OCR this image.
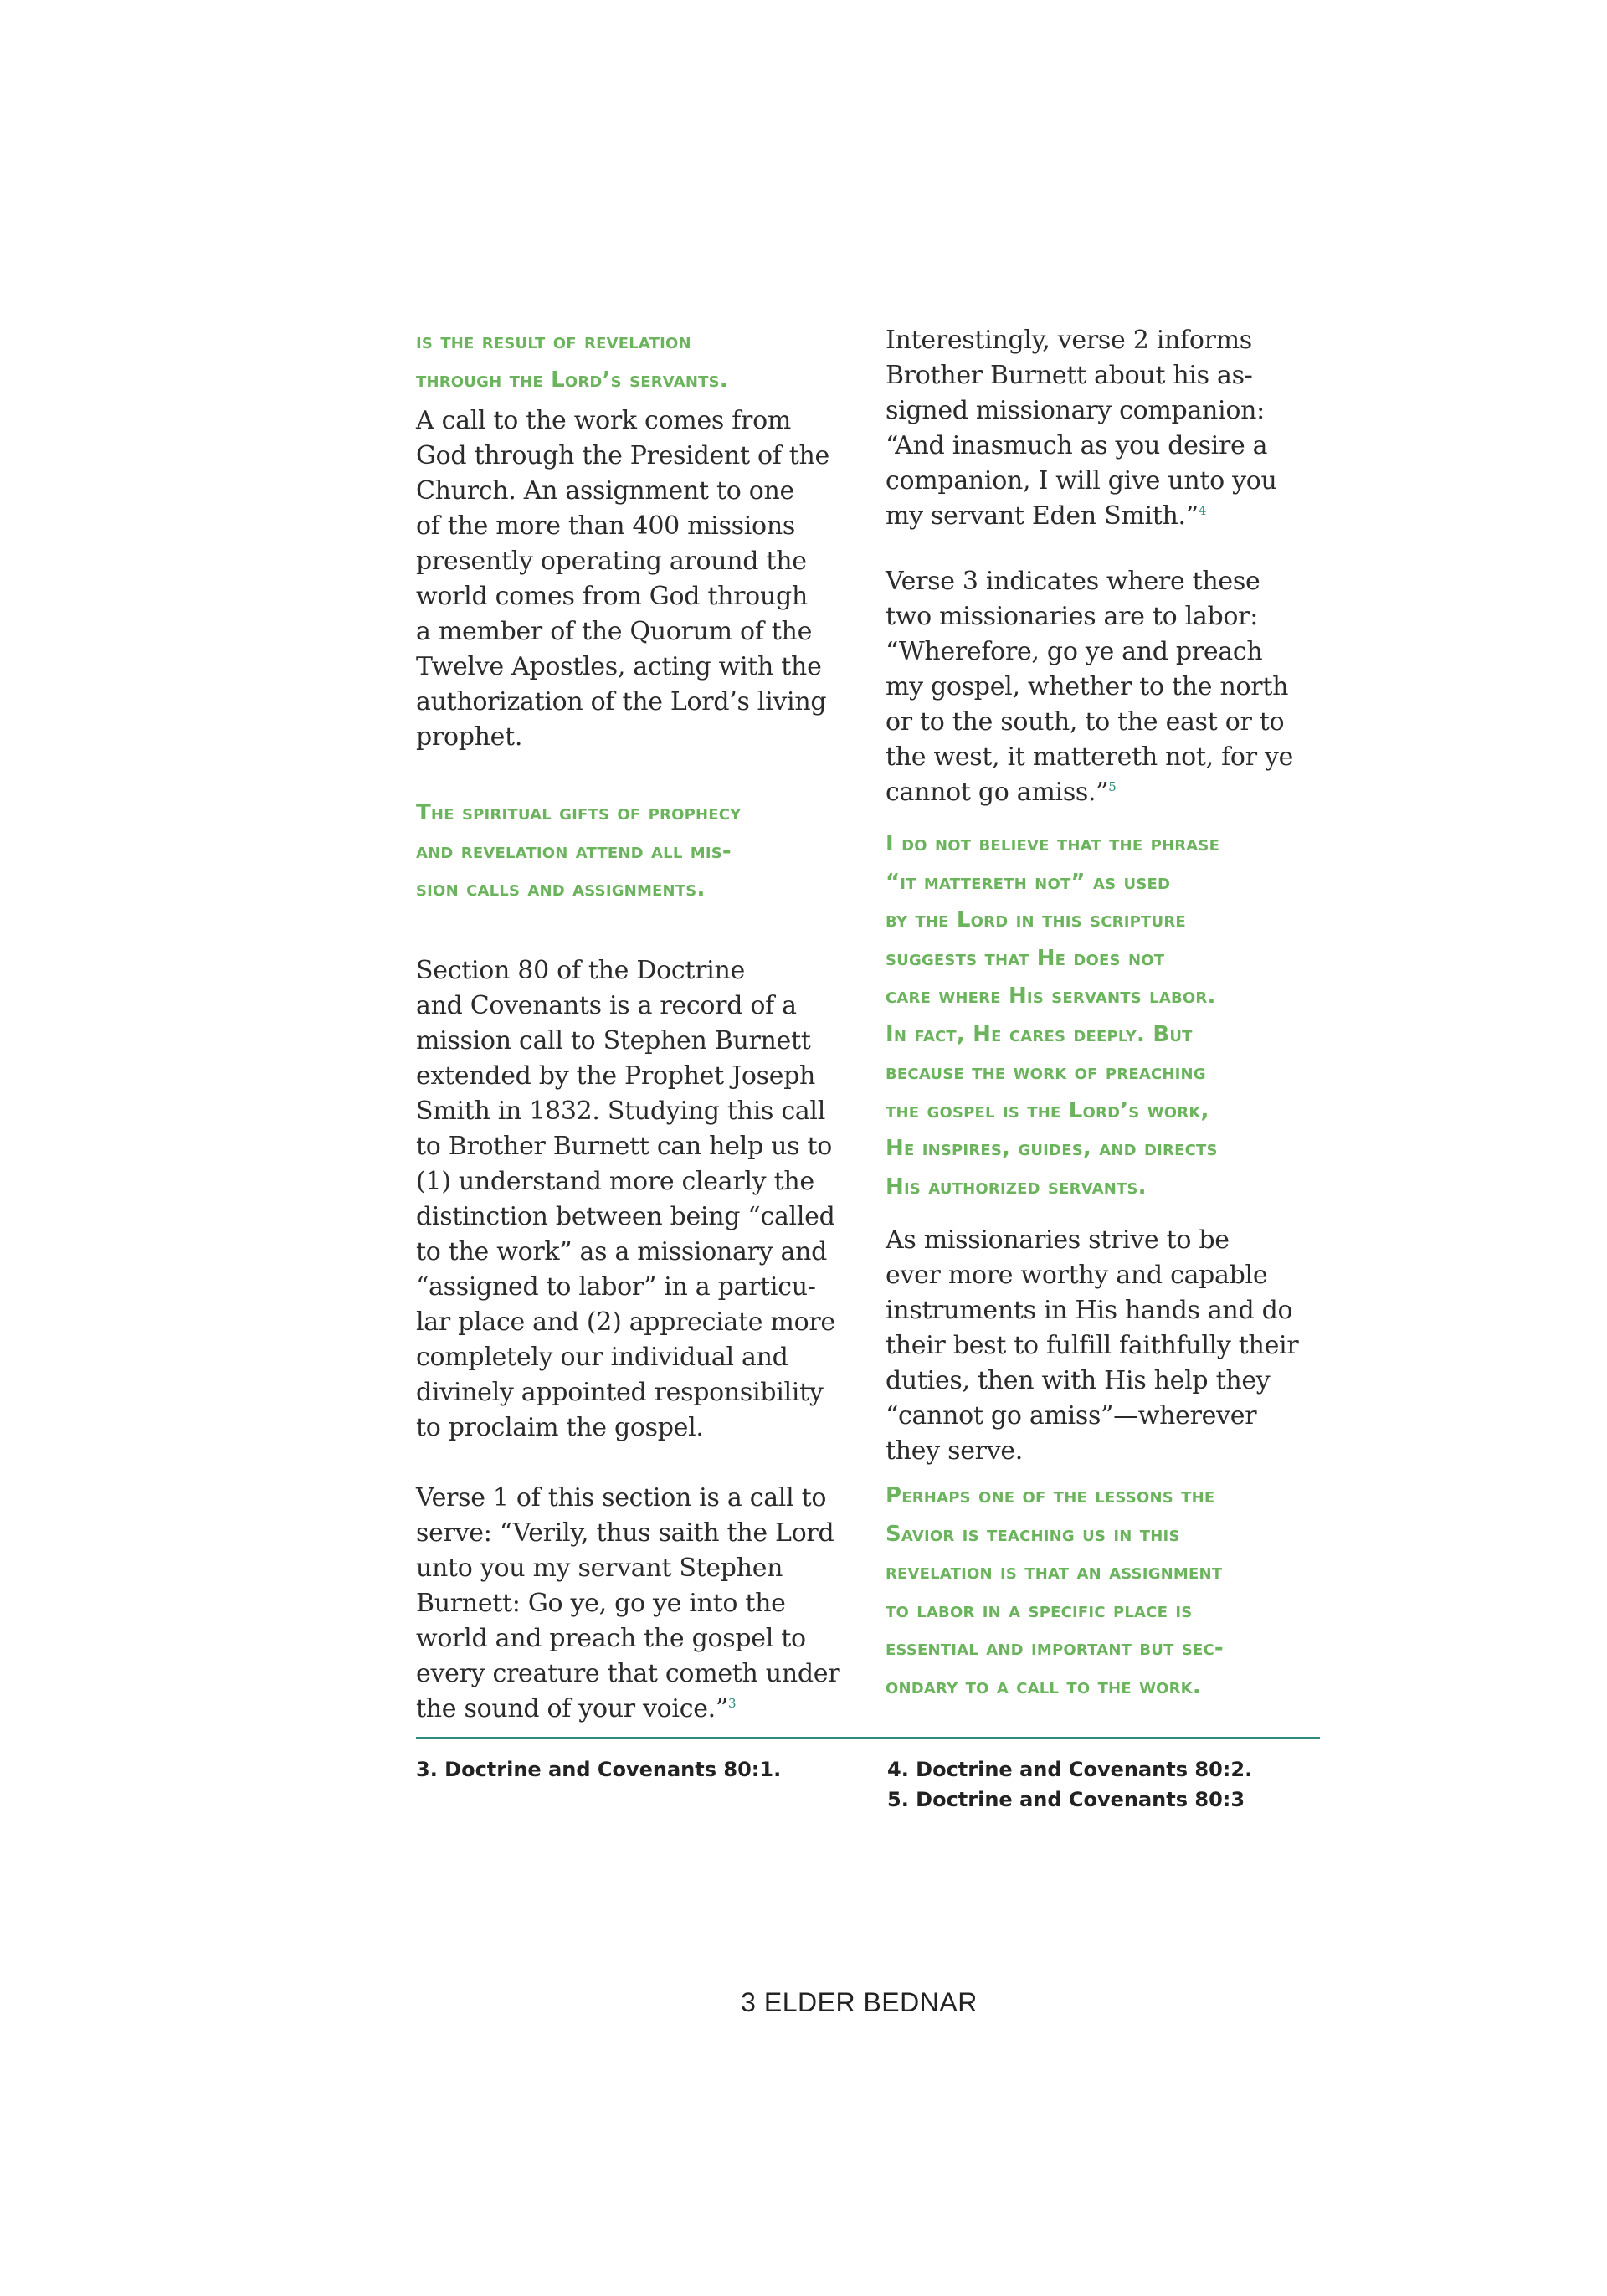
is the result of revelation
through the Lord’s servants.

A call to the work comes from
God through the President of the
Church. An assignment to one
of the more than 400 missions
presently operating around the
world comes from God through
a member of the Quorum of the
Twelve Apostles, acting with the
authorization of the Lord’s living
prophet.

The spiritual gifts of prophecy
and revelation attend all mis-
sion calls and assignments.

Section 80 of the Doctrine
and Covenants is a record of a
mission call to Stephen Burnett
extended by the Prophet Joseph
Smith in 1832. Studying this call
to Brother Burnett can help us to
(1) understand more clearly the
distinction between being “called
to the work” as a missionary and
“assigned to labor” in a particu-
lar place and (2) appreciate more
completely our individual and
divinely appointed responsibility
to proclaim the gospel.

Verse 1 of this section is a call to
serve: “Verily, thus saith the Lord
unto you my servant Stephen
Burnett: Go ye, go ye into the
world and preach the gospel to
every creature that cometh under
the sound of your voice.”$^3$

Interestingly, verse 2 informs
Brother Burnett about his as-
signed missionary companion:
“And inasmuch as you desire a
companion, I will give unto you
my servant Eden Smith.”$^4$

Verse 3 indicates where these
two missionaries are to labor:
“Wherefore, go ye and preach
my gospel, whether to the north
or to the south, to the east or to
the west, it mattereth not, for ye
cannot go amiss.”$^5$

I do not believe that the phrase
“it mattereth not” as used
by the Lord in this scripture
suggests that He does not
care where His servants labor.
In fact, He cares deeply. But
because the work of preaching
the gospel is the Lord’s work,
He inspires, guides, and directs
His authorized servants.

As missionaries strive to be
ever more worthy and capable
instruments in His hands and do
their best to fulfill faithfully their
duties, then with His help they
“cannot go amiss”—wherever
they serve.

Perhaps one of the lessons the
Savior is teaching us in this
revelation is that an assignment
to labor in a specific place is
essential and important but sec-
ondary to a call to the work.

3. Doctrine and Covenants 80:1.	4. Doctrine and Covenants 80:2.
5. Doctrine and Covenants 80:3
3 ELDER BEDNAR
